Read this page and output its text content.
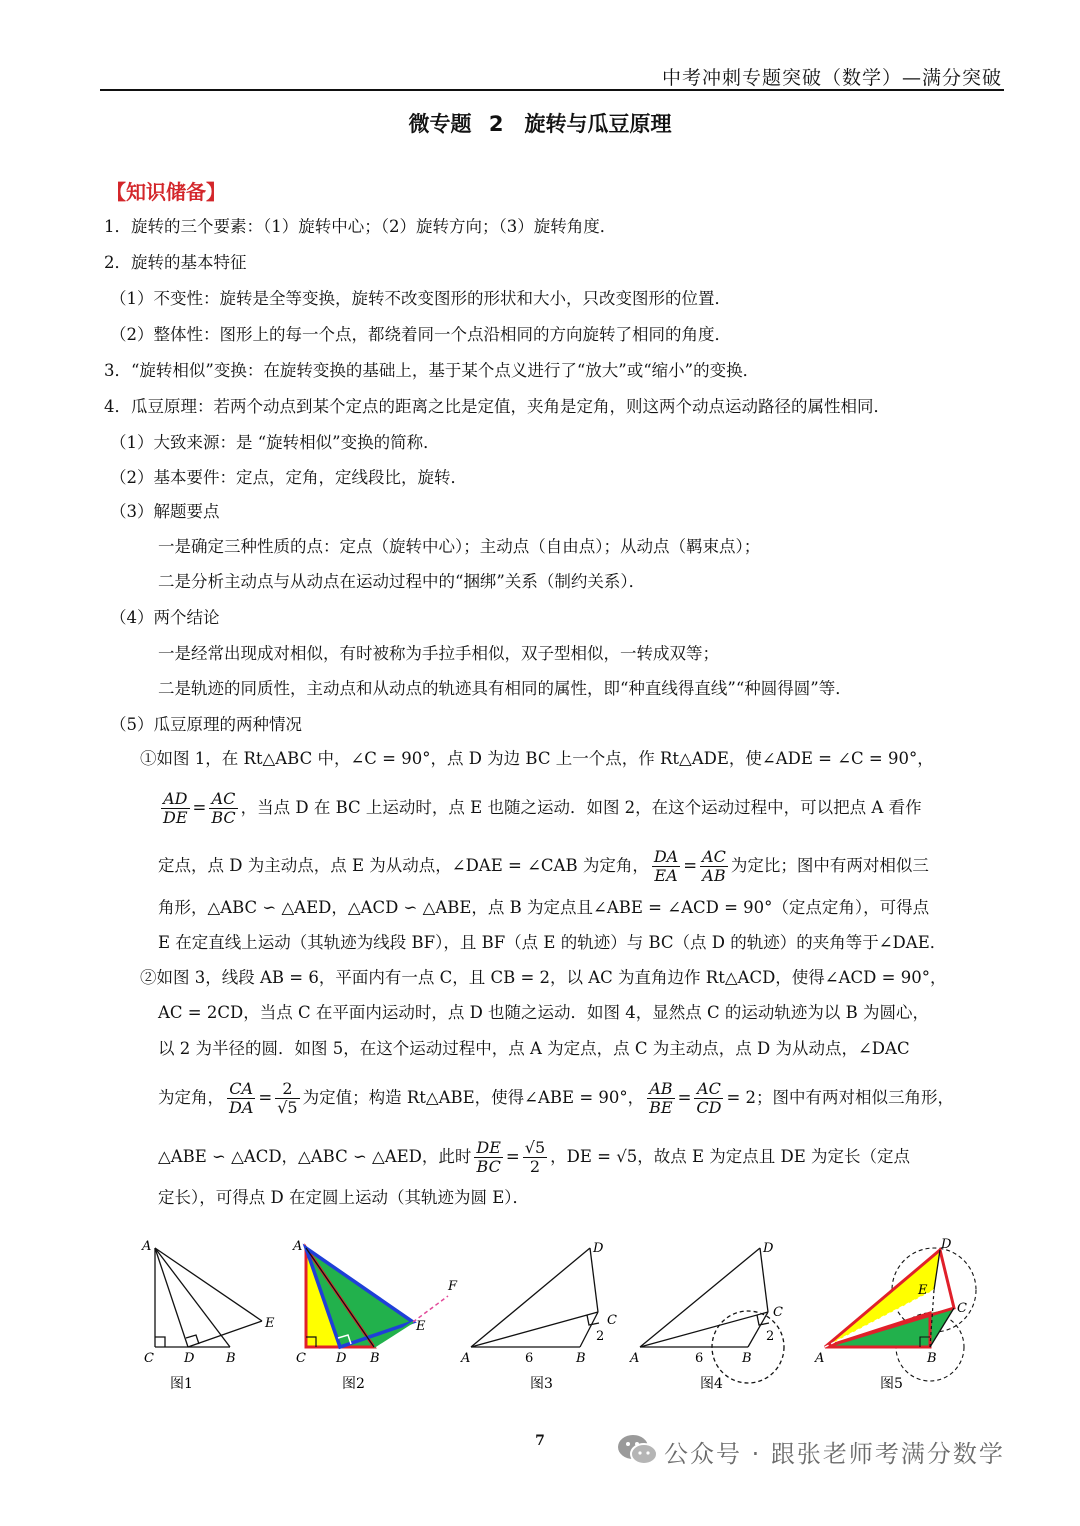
中考冲刺专题突破（数学）—满分突破
微专题 2　旋转与瓜豆原理
【知识储备】
1．旋转的三个要素：（1）旋转中心；（2）旋转方向；（3）旋转角度．
2．旋转的基本特征
（1）不变性：旋转是全等变换，旋转不改变图形的形状和大小，只改变图形的位置．
（2）整体性：图形上的每一个点，都绕着同一个点沿相同的方向旋转了相同的角度．
3．“旋转相似”变换：在旋转变换的基础上，基于某个点义进行了“放大”或“缩小”的变换．
4．瓜豆原理：若两个动点到某个定点的距离之比是定值，夹角是定角，则这两个动点运动路径的属性相同．
（1）大致来源：是 “旋转相似”变换的简称．
（2）基本要件：定点，定角，定线段比，旋转．
（3）解题要点
一是确定三种性质的点：定点（旋转中心）；主动点（自由点）；从动点（羁束点）；
二是分析主动点与从动点在运动过程中的“捆绑”关系（制约关系）．
（4）两个结论
一是经常出现成对相似，有时被称为手拉手相似，双子型相似，一转成双等；
二是轨迹的同质性，主动点和从动点的轨迹具有相同的属性，即“种直线得直线”“种圆得圆”等．
（5）瓜豆原理的两种情况
①如图 1，在 Rt△ABC 中，∠C = 90°，点 D 为边 BC 上一个点，作 Rt△ADE，使∠ADE = ∠C = 90°，
$\frac{AD}{DE} = \frac{AC}{BC}$ ，当点 D 在 BC 上运动时，点 E 也随之运动．如图 2，在这个运动过程中，可以把点 A 看作
定点，点 D 为主动点，点 E 为从动点，∠DAE = ∠CAB 为定角， $\frac{DA}{EA} = \frac{AC}{AB}$ 为定比；图中有两对相似三
角形，△ABC ∽ △AED，△ACD ∽ △ABE，点 B 为定点且∠ABE = ∠ACD = 90°（定点定角），可得点
E 在定直线上运动（其轨迹为线段 BF），且 BF（点 E 的轨迹）与 BC（点 D 的轨迹）的夹角等于∠DAE．
②如图 3，线段 AB = 6，平面内有一点 C，且 CB = 2，以 AC 为直角边作 Rt△ACD，使得∠ACD = 90°，
AC = 2CD，当点 C 在平面内运动时，点 D 也随之运动．如图 4，显然点 C 的运动轨迹为以 B 为圆心，
以 2 为半径的圆．如图 5，在这个运动过程中，点 A 为定点，点 C 为主动点，点 D 为从动点，∠DAC
为定角， $\frac{CA}{DA} = \frac{2}{√5}$ 为定值；构造 Rt△ABE，使得∠ABE = 90°， $\frac{AB}{BE} = \frac{AC}{CD} = 2$；图中有两对相似三角形，
△ABE ∽ △ACD，△ABC ∽ △AED，此时 $\frac{DE}{BC} = \frac{√5}{2}$ ，DE = √5，故点 E 为定点且 DE 为定长（定点
定长），可得点 D 在定圆上运动（其轨迹为圆 E）．
A
C D B
E
图1
A
C D B
E
F
图2
A	B
C
D
6
2
图3
A	B
C
D
6
2
图4
A	B
C
D
E
图5
7	公众号 · 跟张老师考满分数学
